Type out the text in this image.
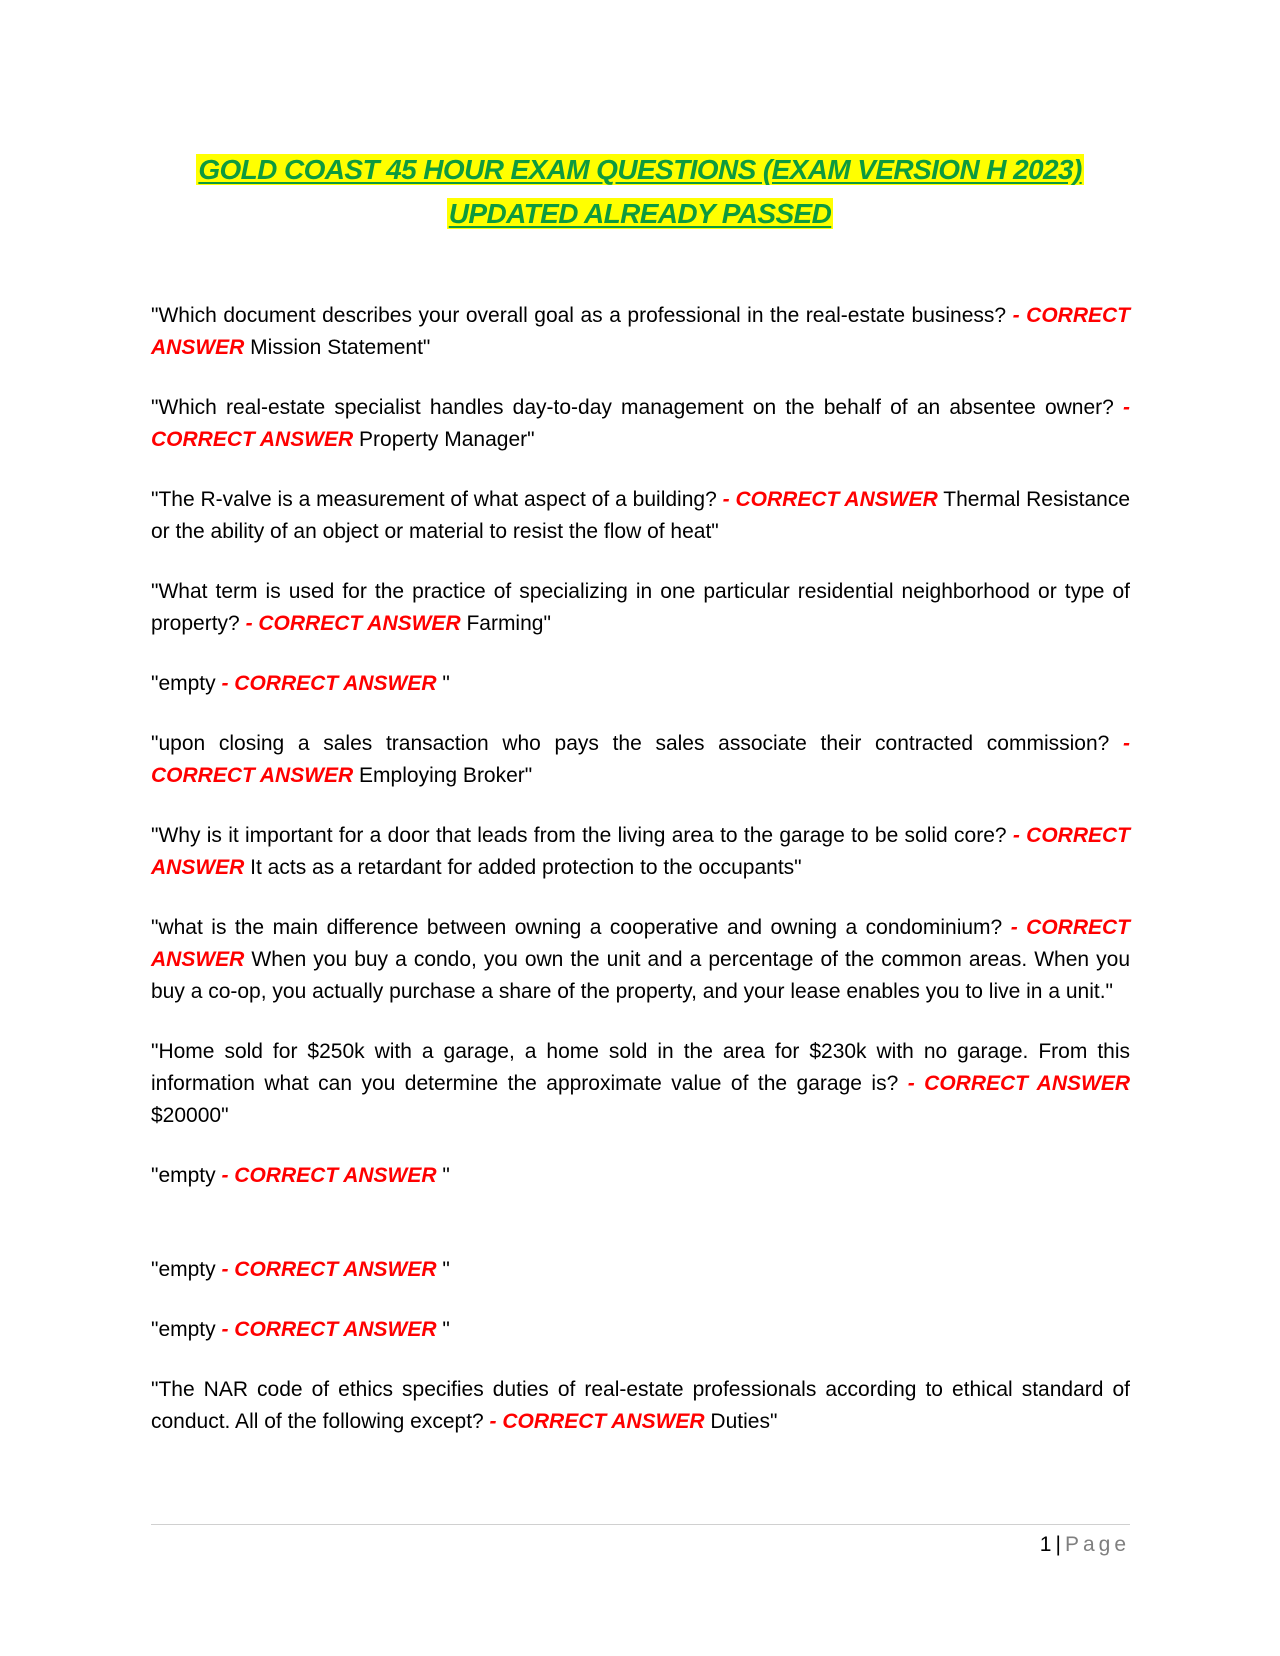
GOLD COAST 45 HOUR EXAM QUESTIONS (EXAM VERSION H 2023)
UPDATED ALREADY PASSED

"Which document describes your overall goal as a professional in the real-estate business? - CORRECT ANSWER Mission Statement"

"Which real-estate specialist handles day-to-day management on the behalf of an absentee owner? - CORRECT ANSWER Property Manager"

"The R-valve is a measurement of what aspect of a building? - CORRECT ANSWER Thermal Resistance or the ability of an object or material to resist the flow of heat"

"What term is used for the practice of specializing in one particular residential neighborhood or type of property? - CORRECT ANSWER Farming"

"empty - CORRECT ANSWER "

"upon closing a sales transaction who pays the sales associate their contracted commission? - CORRECT ANSWER Employing Broker"

"Why is it important for a door that leads from the living area to the garage to be solid core? - CORRECT ANSWER It acts as a retardant for added protection to the occupants"

"what is the main difference between owning a cooperative and owning a condominium? - CORRECT ANSWER When you buy a condo, you own the unit and a percentage of the common areas. When you buy a co-op, you actually purchase a share of the property, and your lease enables you to live in a unit."

"Home sold for $250k with a garage, a home sold in the area for $230k with no garage. From this information what can you determine the approximate value of the garage is? - CORRECT ANSWER $20000"

"empty - CORRECT ANSWER "

"empty - CORRECT ANSWER "

"empty - CORRECT ANSWER "

"The NAR code of ethics specifies duties of real-estate professionals according to ethical standard of conduct. All of the following except? - CORRECT ANSWER Duties"

1 | Page
